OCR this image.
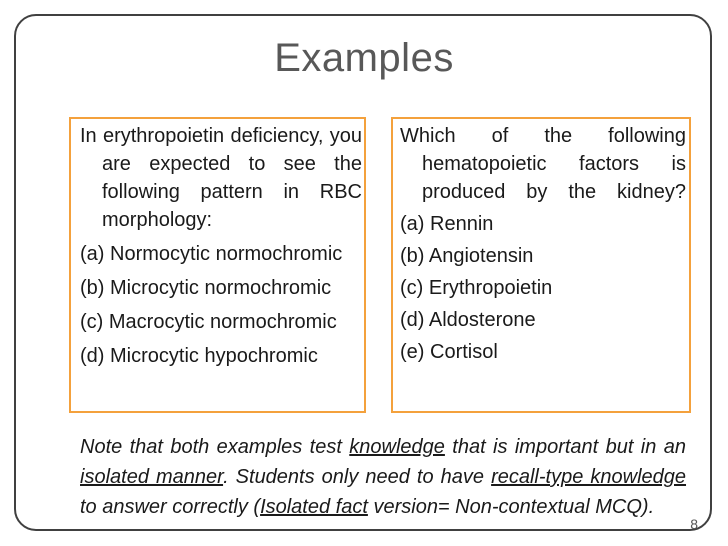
Examples

In erythropoietin deficiency, you are expected to see the following pattern in RBC morphology:

(a) Normocytic normochromic

(b) Microcytic normochromic

(c) Macrocytic normochromic

(d) Microcytic hypochromic

Which of the following hematopoietic factors is produced by the kidney?

(a) Rennin

(b) Angiotensin

(c) Erythropoietin

(d) Aldosterone

(e) Cortisol

Note that both examples test knowledge that is important but in an isolated manner. Students only need to have recall-type knowledge to answer correctly (Isolated fact version= Non-contextual MCQ).
8
